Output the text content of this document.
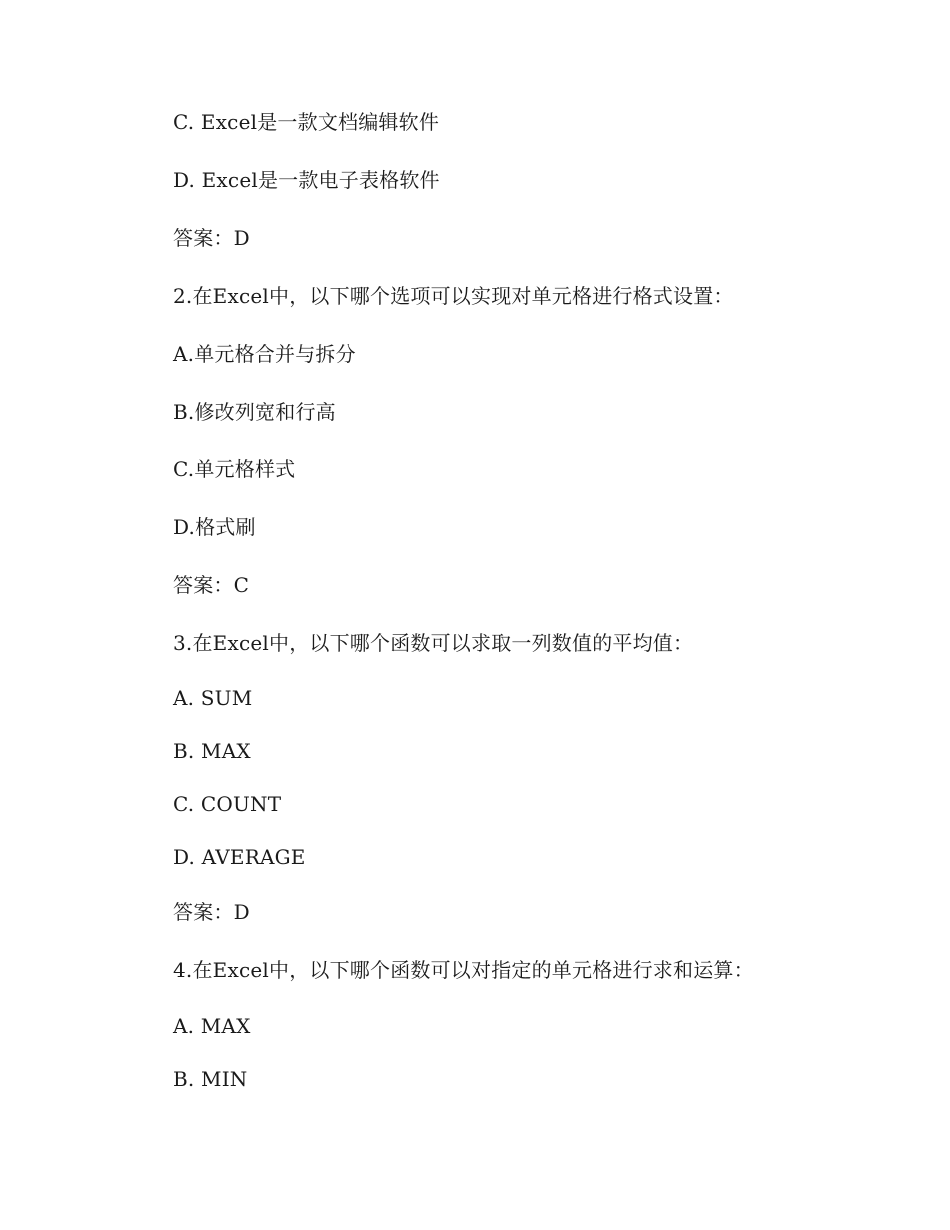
C. Excel是一款文档编辑软件
D. Excel是一款电子表格软件
答案：D
2.在Excel中，以下哪个选项可以实现对单元格进行格式设置：
A.单元格合并与拆分
B.修改列宽和行高
C.单元格样式
D.格式刷
答案：C
3.在Excel中，以下哪个函数可以求取一列数值的平均值：
A. SUM
B. MAX
C. COUNT
D. AVERAGE
答案：D
4.在Excel中，以下哪个函数可以对指定的单元格进行求和运算：
A. MAX
B. MIN
